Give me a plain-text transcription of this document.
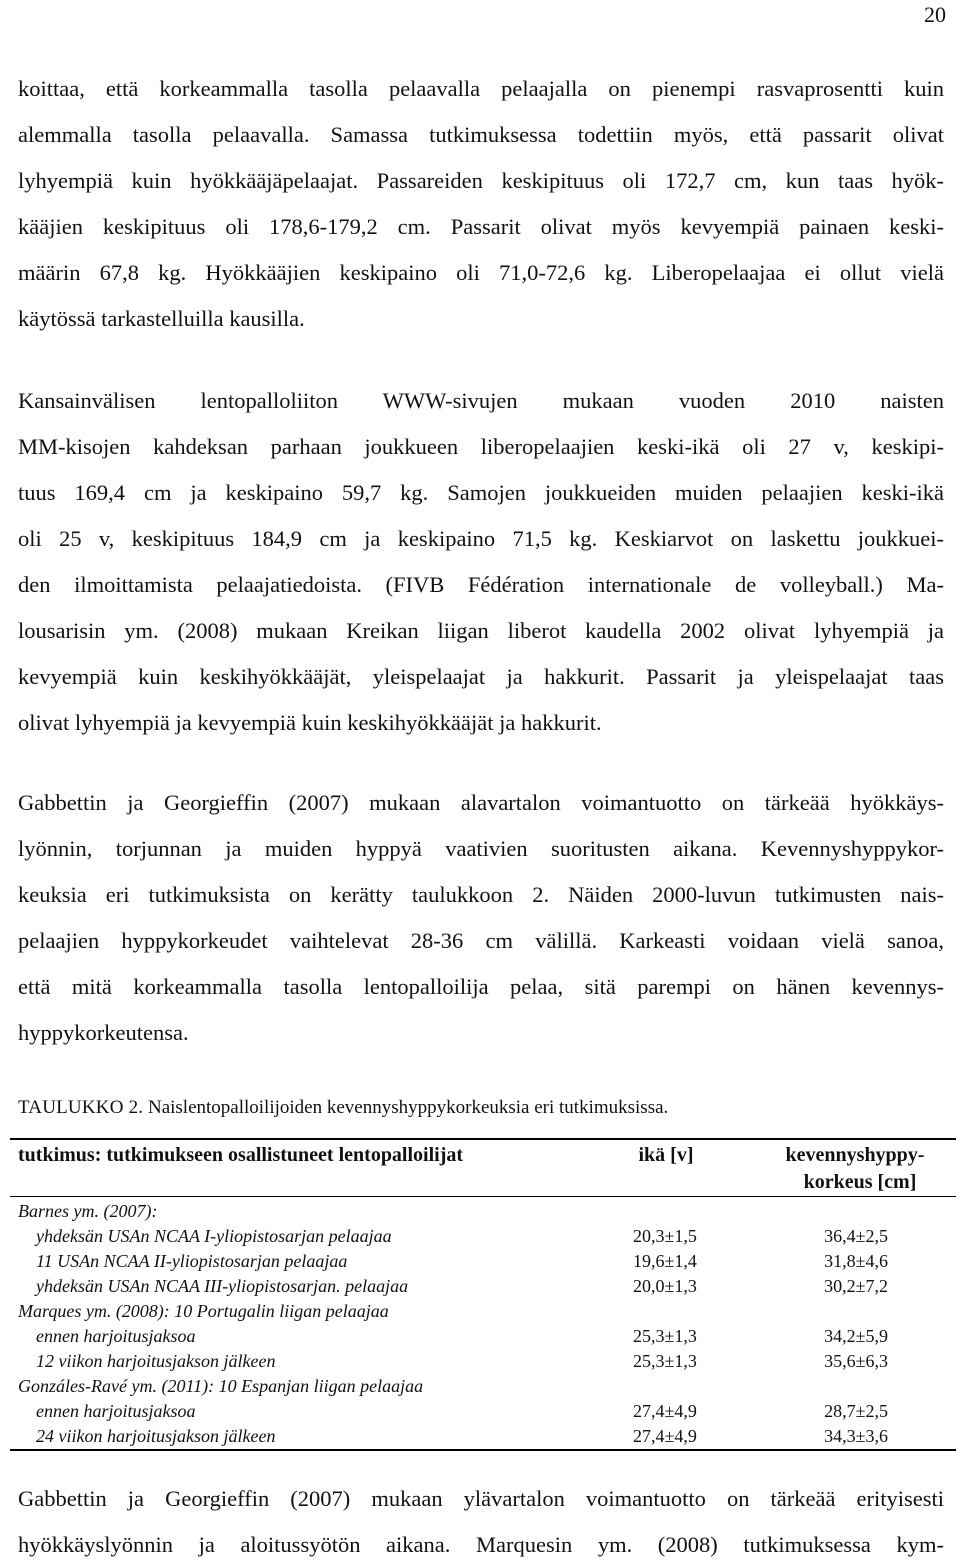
20

koittaa, että korkeammalla tasolla pelaavalla pelaajalla on pienempi rasvaprosentti kuin
alemmalla tasolla pelaavalla. Samassa tutkimuksessa todettiin myös, että passarit olivat
lyhyempiä kuin hyökkääjäpelaajat. Passareiden keskipituus oli 172,7 cm, kun taas hyök-
kääjien keskipituus oli 178,6-179,2 cm. Passarit olivat myös kevyempiä painaen keski-
määrin 67,8 kg. Hyökkääjien keskipaino oli 71,0-72,6 kg. Liberopelaajaa ei ollut vielä
käytössä tarkastelluilla kausilla.

Kansainvälisen lentopalloliiton WWW-sivujen mukaan vuoden 2010 naisten
MM-kisojen kahdeksan parhaan joukkueen liberopelaajien keski-ikä oli 27 v, keskipi-
tuus 169,4 cm ja keskipaino 59,7 kg. Samojen joukkueiden muiden pelaajien keski-ikä
oli 25 v, keskipituus 184,9 cm ja keskipaino 71,5 kg. Keskiarvot on laskettu joukkuei-
den ilmoittamista pelaajatiedoista. (FIVB Fédération internationale de volleyball.) Ma-
lousarisin ym. (2008) mukaan Kreikan liigan liberot kaudella 2002 olivat lyhyempiä ja
kevyempiä kuin keskihyökkääjät, yleispelaajat ja hakkurit. Passarit ja yleispelaajat taas
olivat lyhyempiä ja kevyempiä kuin keskihyökkääjät ja hakkurit.

Gabbettin ja Georgieffin (2007) mukaan alavartalon voimantuotto on tärkeää hyökkäys-
lyönnin, torjunnan ja muiden hyppyä vaativien suoritusten aikana. Kevennyshyppykor-
keuksia eri tutkimuksista on kerätty taulukkoon 2. Näiden 2000-luvun tutkimusten nais-
pelaajien hyppykorkeudet vaihtelevat 28-36 cm välillä. Karkeasti voidaan vielä sanoa,
että mitä korkeammalla tasolla lentopalloilija pelaa, sitä parempi on hänen kevennys-
hyppykorkeutensa.

TAULUKKO 2. Naislentopalloilijoiden kevennyshyppykorkeuksia eri tutkimuksissa.
tutkimus: tutkimukseen osallistuneet lentopalloilijat	ikä [v]	kevennyshyppy-
korkeus [cm]
Barnes ym. (2007):		
yhdeksän USAn NCAA I-yliopistosarjan pelaajaa	20,3±1,5	36,4±2,5
11 USAn NCAA II-yliopistosarjan pelaajaa	19,6±1,4	31,8±4,6
yhdeksän USAn NCAA III-yliopistosarjan. pelaajaa	20,0±1,3	30,2±7,2
Marques ym. (2008): 10 Portugalin liigan pelaajaa		
ennen harjoitusjaksoa	25,3±1,3	34,2±5,9
12 viikon harjoitusjakson jälkeen	25,3±1,3	35,6±6,3
Gonzáles-Ravé ym. (2011): 10 Espanjan liigan pelaajaa		
ennen harjoitusjaksoa	27,4±4,9	28,7±2,5
24 viikon harjoitusjakson jälkeen	27,4±4,9	34,3±3,6

Gabbettin ja Georgieffin (2007) mukaan ylävartalon voimantuotto on tärkeää erityisesti
hyökkäyslyönnin ja aloitussyötön aikana. Marquesin ym. (2008) tutkimuksessa kym-
